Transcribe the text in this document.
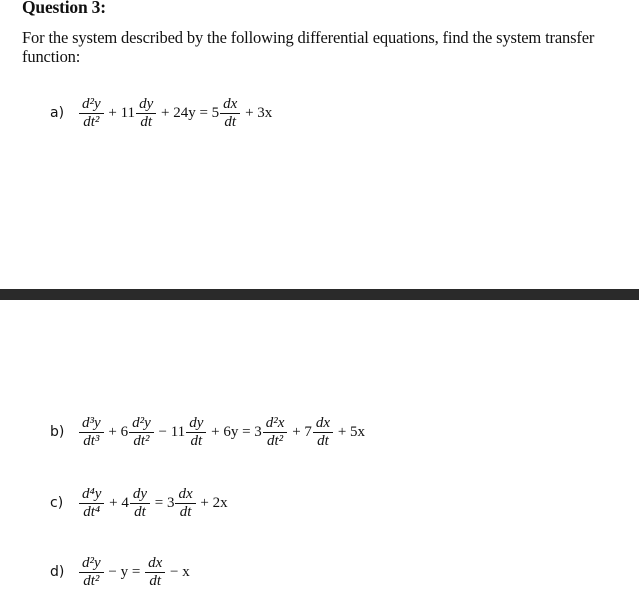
Question 3:
For the system described by the following differential equations, find the system transfer function:
$a) \frac{\text{d²y}}{\text{dt²}} + 11 \frac{dy}{dt} + 24y = 5 \frac{dx}{dt} + 3x$
$b) \frac{\text{d³y}}{\text{dt³}} + 6 \frac{\text{d²y}}{\text{dt²}} - 11 \frac{dy}{dt} + 6y = 3 \frac{\text{d²x}}{\text{dt²}} + 7 \frac{dx}{dt} + 5x$
c)	$\frac{\text{d⁴y}}{\text{dt⁴}} + 4 \frac{dy}{dt} = 3 \frac{dx}{dt} + 2x$
$d) \frac{\text{d²y}}{\text{dt²}} - y = \frac{dx}{dt} - x$
